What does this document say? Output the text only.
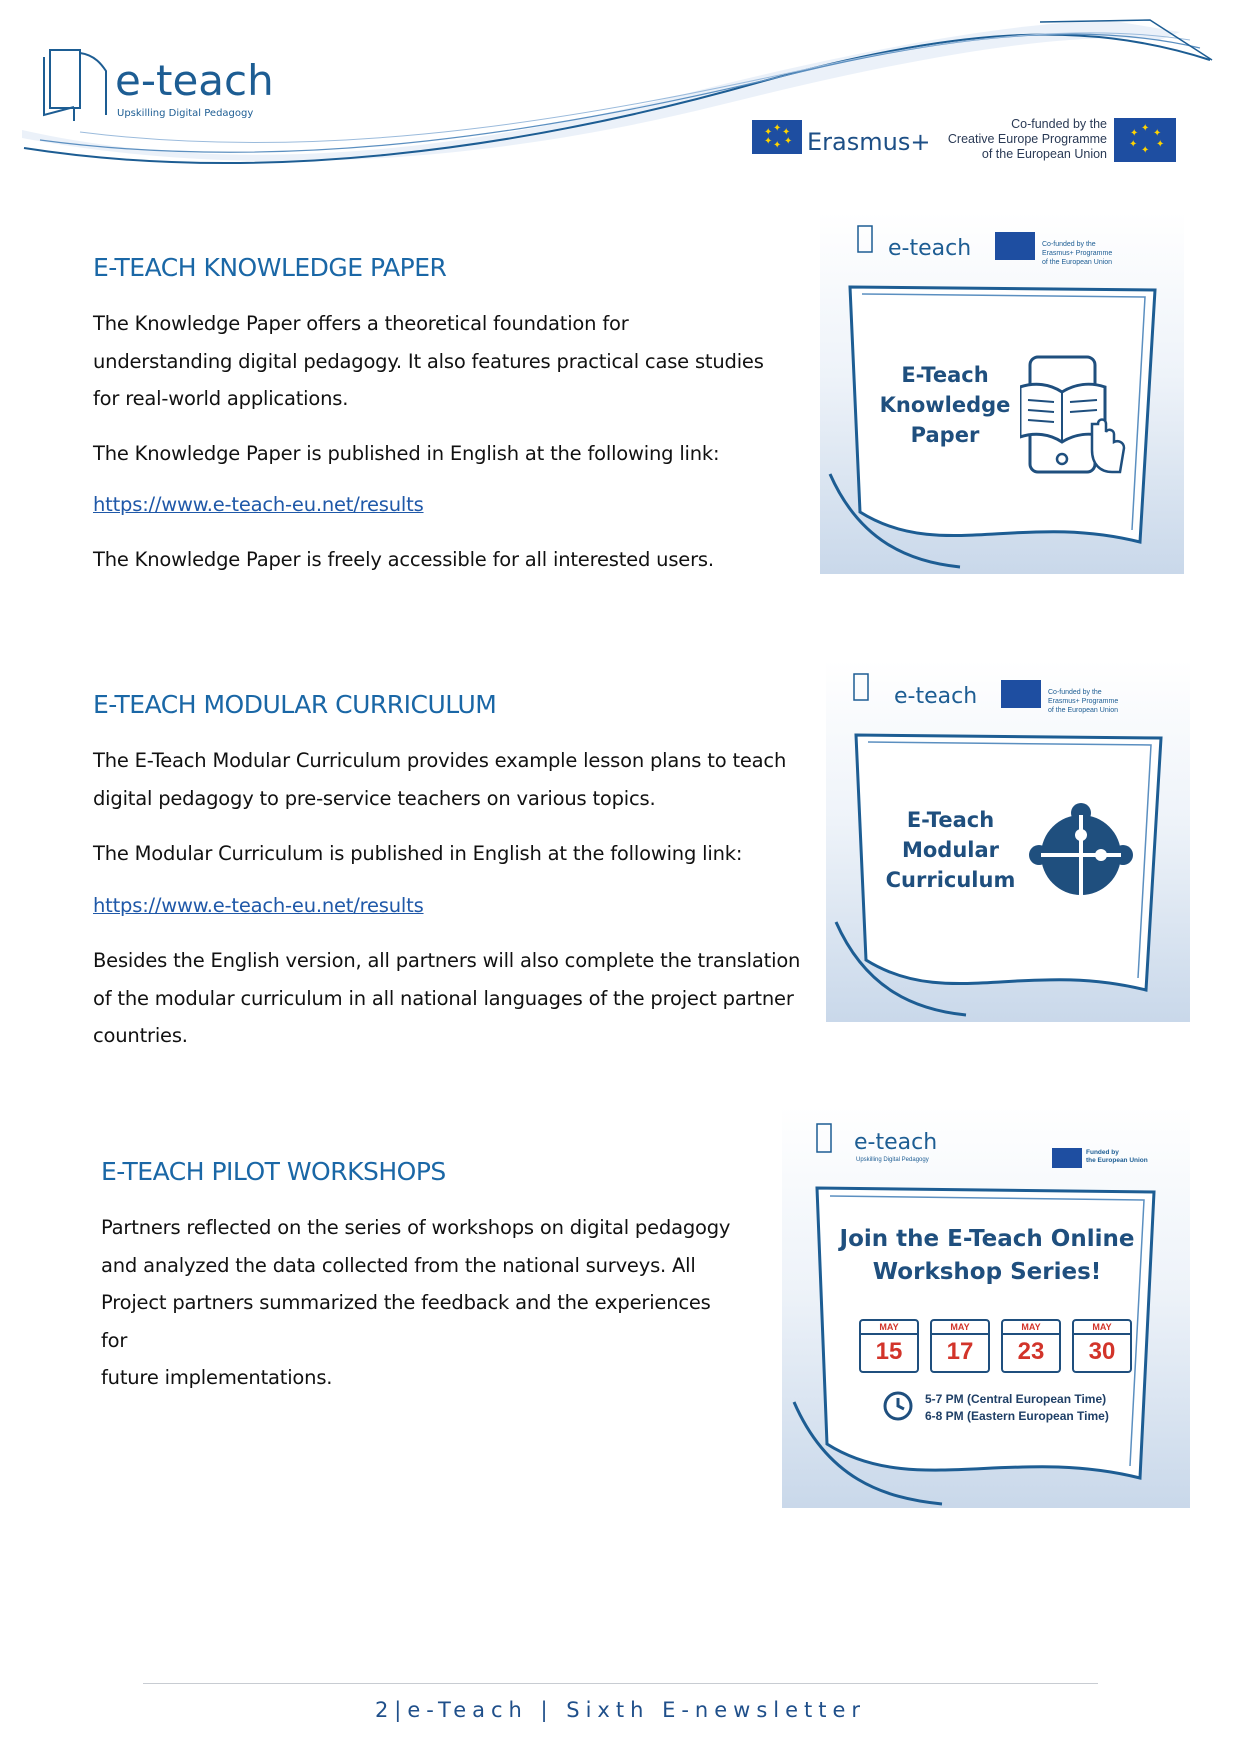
e-teach
Upskilling Digital Pedagogy
✦ ✦
✦
✦
✦
✦ Erasmus+
Co-funded by the
Creative Europe Programme
of the European Union
✦ ✦
✦
✦
✦
✦
E-TEACH KNOWLEDGE PAPER
The Knowledge Paper offers a theoretical foundation for
understanding digital pedagogy. It also features practical case studies
for real-world applications.
The Knowledge Paper is published in English at the following link:
https://www.e-teach-eu.net/results
The Knowledge Paper is freely accessible for all interested users.
e-teach	Co-funded by the
Erasmus+ Programme
of the European Union
E-Teach
Knowledge
Paper
E-TEACH MODULAR CURRICULUM
The E-Teach Modular Curriculum provides example lesson plans to teach
digital pedagogy to pre-service teachers on various topics.
The Modular Curriculum is published in English at the following link:
https://www.e-teach-eu.net/results
Besides the English version, all partners will also complete the translation
of the modular curriculum in all national languages of the project partner
countries.
e-teach	Co-funded by the
Erasmus+ Programme
of the European Union
E-Teach
Modular
Curriculum
E-TEACH PILOT WORKSHOPS
Partners reflected on the series of workshops on digital pedagogy
and analyzed the data collected from the national surveys. All
Project partners summarized the feedback and the experiences for
future implementations.
e-teach
Upskilling Digital Pedagogy
Funded by
the European Union
Join the E-Teach Online
Workshop Series!
MAY
15
MAY
17
MAY
23
MAY
30
5-7 PM (Central European Time)
6-8 PM (Eastern European Time)
2|e-Teach | Sixth E-newsletter
